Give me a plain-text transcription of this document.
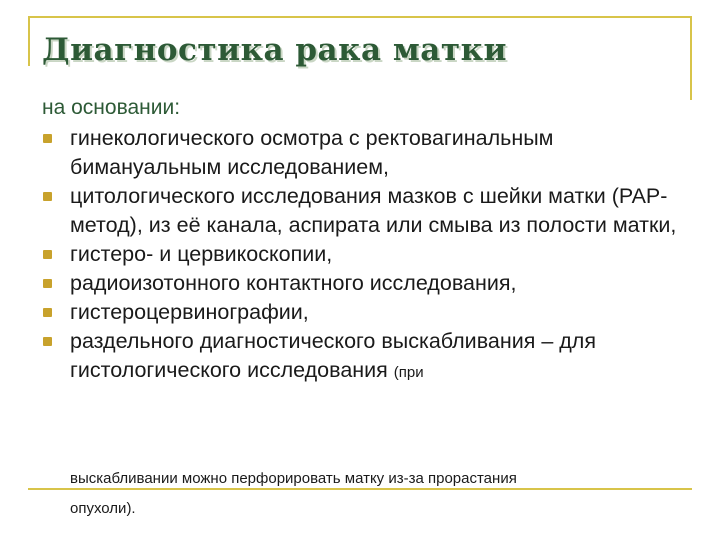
Диагностика рака матки

на основании:

гинекологического осмотра с ректовагинальным бимануальным исследованием,
цитологического исследования мазков с шейки матки (PAP-метод), из её канала, аспирата или смыва из полости матки,
гистеро- и цервикоскопии,
радиоизотонного контактного исследования,
гистероцервинографии,
раздельного диагностического выскабливания – для гистологического исследования (при
выскабливании можно перфорировать матку из-за прорастания
опухоли).
